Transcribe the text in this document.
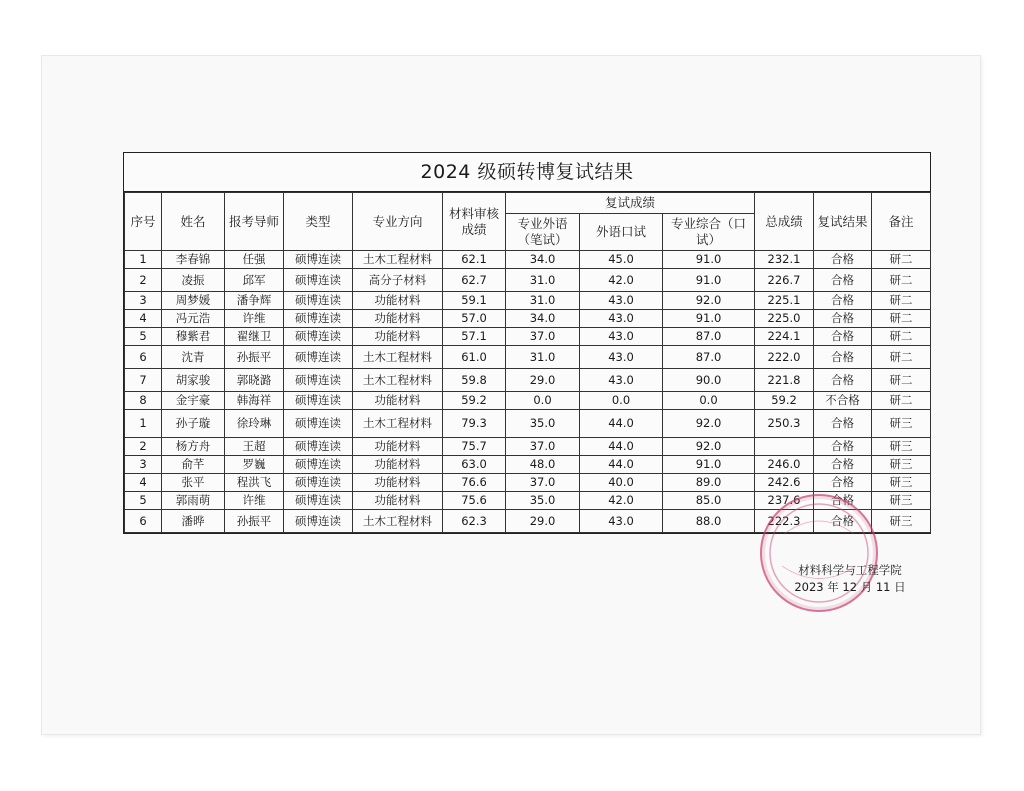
2024 级硕转博复试结果
序号	姓名	报考导师	类型	专业方向	材料审核成绩	复试成绩			总成绩	复试结果	备注
						专业外语（笔试）	外语口试	专业综合（口试）			
1	李春锦	任强	硕博连读	土木工程材料	62.1	34.0	45.0	91.0	232.1	合格	研二
2	凌振	邱军	硕博连读	高分子材料	62.7	31.0	42.0	91.0	226.7	合格	研二
3	周梦媛	潘争辉	硕博连读	功能材料	59.1	31.0	43.0	92.0	225.1	合格	研二
4	冯元浩	许维	硕博连读	功能材料	57.0	34.0	43.0	91.0	225.0	合格	研二
5	穆紫君	翟继卫	硕博连读	功能材料	57.1	37.0	43.0	87.0	224.1	合格	研二
6	沈青	孙振平	硕博连读	土木工程材料	61.0	31.0	43.0	87.0	222.0	合格	研二
7	胡家骏	郭晓潞	硕博连读	土木工程材料	59.8	29.0	43.0	90.0	221.8	合格	研二
8	金宇豪	韩海祥	硕博连读	功能材料	59.2	0.0	0.0	0.0	59.2	不合格	研二
1	孙子璇	徐玲琳	硕博连读	土木工程材料	79.3	35.0	44.0	92.0	250.3	合格	研三
2	杨方舟	王超	硕博连读	功能材料	75.7	37.0	44.0	92.0		合格	研三
3	俞芊	罗巍	硕博连读	功能材料	63.0	48.0	44.0	91.0	246.0	合格	研三
4	张平	程洪飞	硕博连读	功能材料	76.6	37.0	40.0	89.0	242.6	合格	研三
5	郭雨萌	许维	硕博连读	功能材料	75.6	35.0	42.0	85.0	237.6	合格	研三
6	潘晔	孙振平	硕博连读	土木工程材料	62.3	29.0	43.0	88.0	222.3	合格	研三
材料科学与工程学院
2023 年 12 月 11 日
